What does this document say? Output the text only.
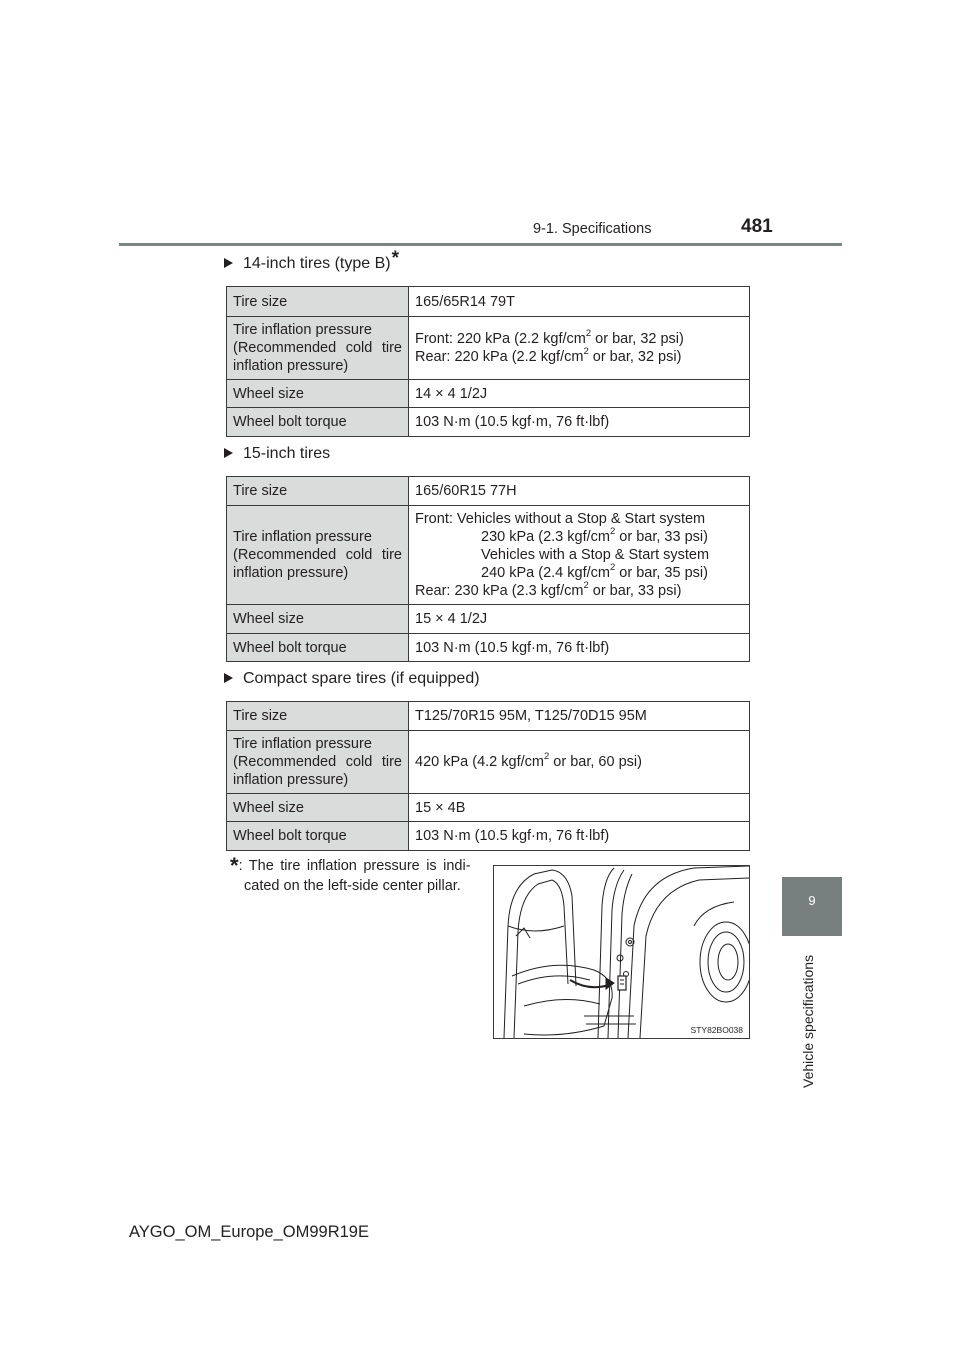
9-1. Specifications	481
9
Vehicle specifications
14-inch tires (type B)*
Tire size	165/65R14 79T
Tire inflation pressure

(Recommended cold tire
inflation pressure)	Front: 220 kPa (2.2 kgf/$cm^2$ or bar, 32 psi)
Rear: 220 kPa (2.2 kgf/$cm^2$ or bar, 32 psi)
Wheel size	14 × 4 1/2J
Wheel bolt torque	103 N·m (10.5 kgf·m, 76 ft·lbf)
15-inch tires
Tire size	165/60R15 77H
Tire inflation pressure

(Recommended cold tire
inflation pressure)	Front: Vehicles without a Stop & Start system

230 kPa (2.3 kgf/$cm^2$ or bar, 33 psi)
Vehicles with a Stop & Start system
240 kPa (2.4 kgf/$cm^2$ or bar, 35 psi)
Rear: 230 kPa (2.3 kgf/$cm^2$ or bar, 33 psi)
Wheel size	15 × 4 1/2J
Wheel bolt torque	103 N·m (10.5 kgf·m, 76 ft·lbf)
Compact spare tires (if equipped)
Tire size	T125/70R15 95M, T125/70D15 95M
Tire inflation pressure

(Recommended cold tire
inflation pressure)	420 kPa (4.2 kgf/$cm^2$ or bar, 60 psi)
Wheel size	15 × 4B
Wheel bolt torque	103 N·m (10.5 kgf·m, 76 ft·lbf)
*: The tire inflation pressure is indi-
cated on the left-side center pillar.
STY82BO038
AYGO_OM_Europe_OM99R19E
